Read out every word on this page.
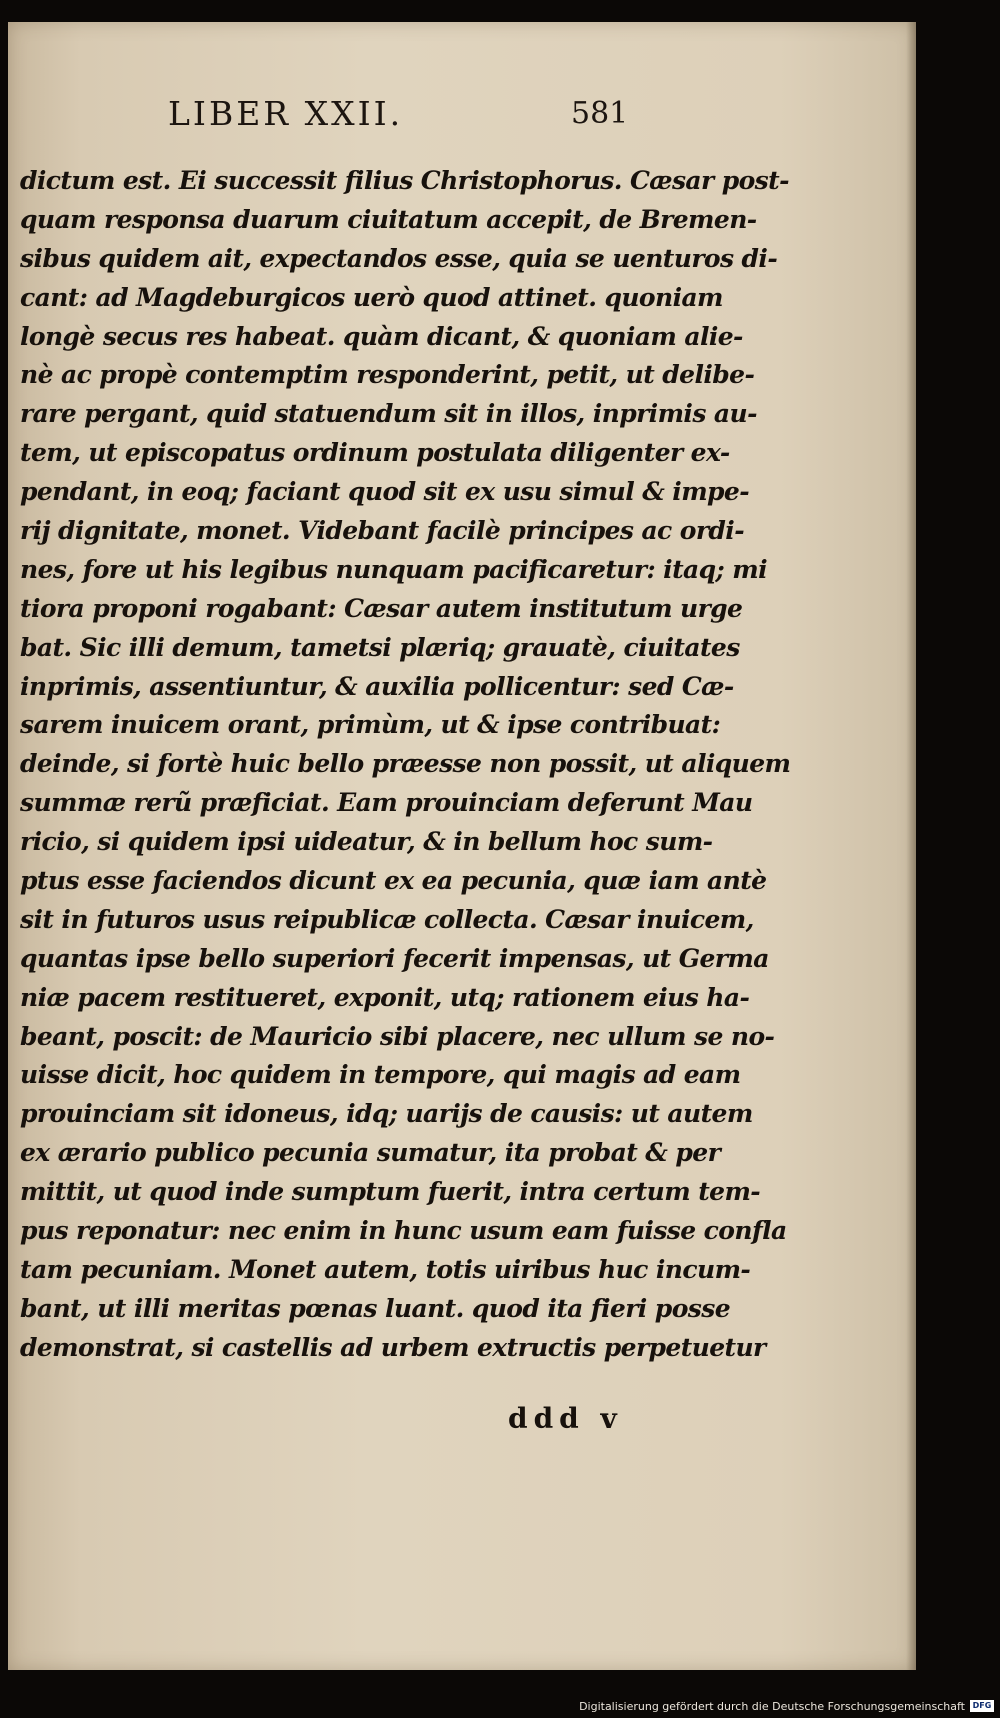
LIBER XXII.	581
dictum est. Ei successit filius Christophorus. Cæsar post-
quam responsa duarum ciuitatum accepit, de Bremen-
sibus quidem ait, expectandos esse, quia se uenturos di-
cant: ad Magdeburgicos uerò quod attinet. quoniam
longè secus res habeat. quàm dicant, & quoniam alie-
nè ac propè contemptim responderint, petit, ut delibe-
rare pergant, quid statuendum sit in illos, inprimis au-
tem, ut episcopatus ordinum postulata diligenter ex-
pendant, in eoq; faciant quod sit ex usu simul & impe-
rij dignitate, monet. Videbant facilè principes ac ordi-
nes, fore ut his legibus nunquam pacificaretur: itaq; mi
tiora proponi rogabant: Cæsar autem institutum urge
bat. Sic illi demum, tametsi plæriq; grauatè, ciuitates
inprimis, assentiuntur, & auxilia pollicentur: sed Cæ-
sarem inuicem orant, primùm, ut & ipse contribuat:
deinde, si fortè huic bello præesse non possit, ut aliquem
summæ rerũ præficiat. Eam prouinciam deferunt Mau
ricio, si quidem ipsi uideatur, & in bellum hoc sum-
ptus esse faciendos dicunt ex ea pecunia, quæ iam antè
sit in futuros usus reipublicæ collecta. Cæsar inuicem,
quantas ipse bello superiori fecerit impensas, ut Germa
niæ pacem restitueret, exponit, utq; rationem eius ha-
beant, poscit: de Mauricio sibi placere, nec ullum se no-
uisse dicit, hoc quidem in tempore, qui magis ad eam
prouinciam sit idoneus, idq; uarijs de causis: ut autem
ex ærario publico pecunia sumatur, ita probat & per
mittit, ut quod inde sumptum fuerit, intra certum tem-
pus reponatur: nec enim in hunc usum eam fuisse confla
tam pecuniam. Monet autem, totis uiribus huc incum-
bant, ut illi meritas pœnas luant. quod ita fieri posse
demonstrat, si castellis ad urbem extructis perpetuetur
ddd v
Digitalisierung gefördert durch die Deutsche Forschungsgemeinschaft DFG
